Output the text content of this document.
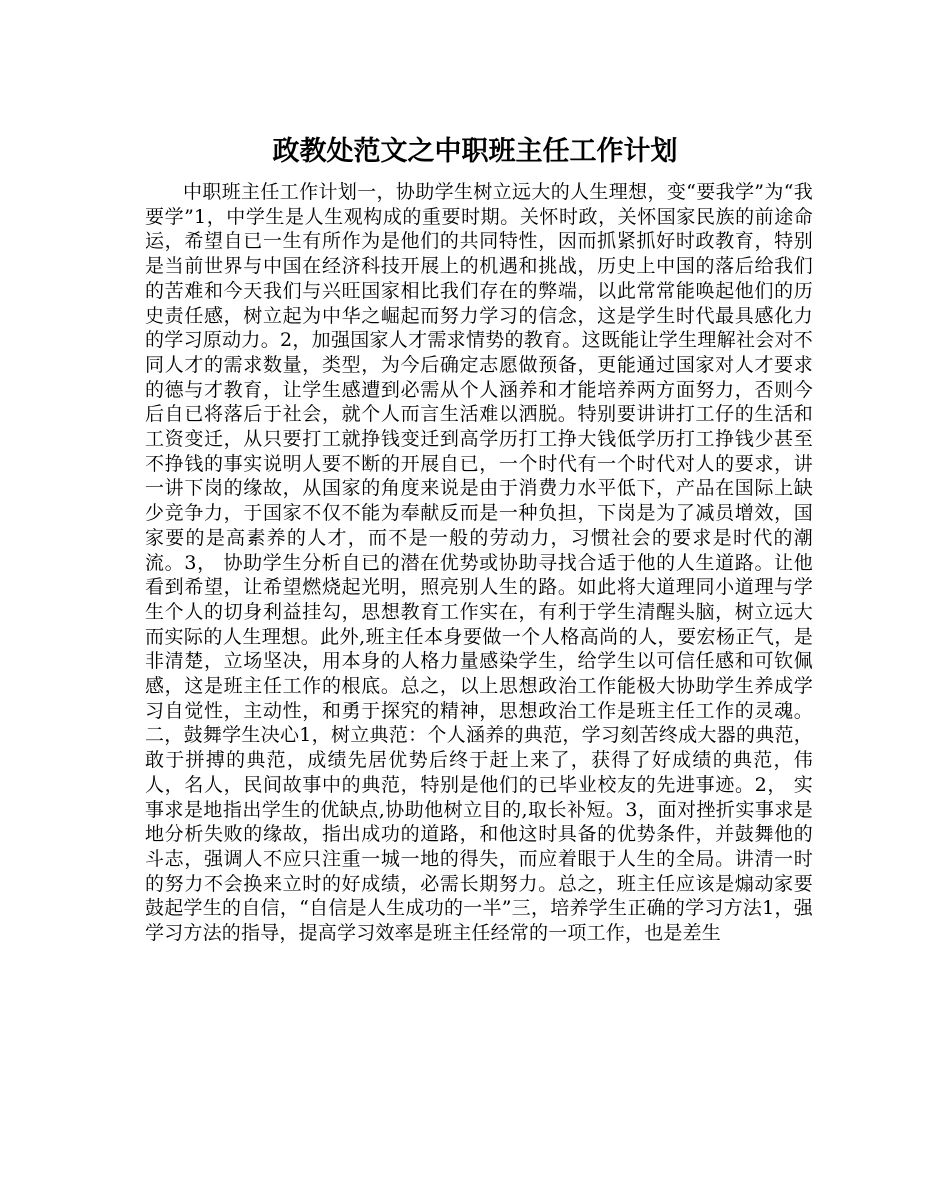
政教处范文之中职班主任工作计划

中职班主任工作计划一，协助学生树立远大的人生理想，变“要我学”为“我要学”1，中学生是人生观构成的重要时期。关怀时政，关怀国家民族的前途命运，希望自已一生有所作为是他们的共同特性，因而抓紧抓好时政教育，特别是当前世界与中国在经济科技开展上的机遇和挑战，历史上中国的落后给我们的苦难和今天我们与兴旺国家相比我们存在的弊端，以此常常能唤起他们的历史责任感，树立起为中华之崛起而努力学习的信念，这是学生时代最具感化力的学习原动力。2，加强国家人才需求情势的教育。这既能让学生理解社会对不同人才的需求数量，类型，为今后确定志愿做预备，更能通过国家对人才要求的德与才教育，让学生感遭到必需从个人涵养和才能培养两方面努力，否则今后自已将落后于社会，就个人而言生活难以洒脱。特别要讲讲打工仔的生活和工资变迁，从只要打工就挣钱变迁到高学历打工挣大钱低学历打工挣钱少甚至不挣钱的事实说明人要不断的开展自已，一个时代有一个时代对人的要求，讲一讲下岗的缘故，从国家的角度来说是由于消费力水平低下，产品在国际上缺少竞争力，于国家不仅不能为奉献反而是一种负担，下岗是为了减员增效，国家要的是高素养的人才，而不是一般的劳动力，习惯社会的要求是时代的潮流。3， 协助学生分析自已的潜在优势或协助寻找合适于他的人生道路。让他看到希望，让希望燃烧起光明，照亮别人生的路。如此将大道理同小道理与学生个人的切身利益挂勾，思想教育工作实在，有利于学生清醒头脑，树立远大而实际的人生理想。此外,班主任本身要做一个人格高尚的人，要宏杨正气，是非清楚，立场坚决，用本身的人格力量感染学生，给学生以可信任感和可钦佩感，这是班主任工作的根底。总之，以上思想政治工作能极大协助学生养成学习自觉性，主动性，和勇于探究的精神，思想政治工作是班主任工作的灵魂。二，鼓舞学生决心1，树立典范：个人涵养的典范，学习刻苦终成大器的典范，敢于拼搏的典范，成绩先居优势后终于赶上来了，获得了好成绩的典范，伟人，名人，民间故事中的典范，特别是他们的已毕业校友的先进事迹。2， 实事求是地指出学生的优缺点,协助他树立目的,取长补短。3，面对挫折实事求是地分析失败的缘故，指出成功的道路，和他这时具备的优势条件，并鼓舞他的斗志，强调人不应只注重一城一地的得失，而应着眼于人生的全局。讲清一时的努力不会换来立时的好成绩，必需长期努力。总之，班主任应该是煽动家要鼓起学生的自信，“自信是人生成功的一半”三，培养学生正确的学习方法1，强学习方法的指导，提高学习效率是班主任经常的一项工作，也是差生
